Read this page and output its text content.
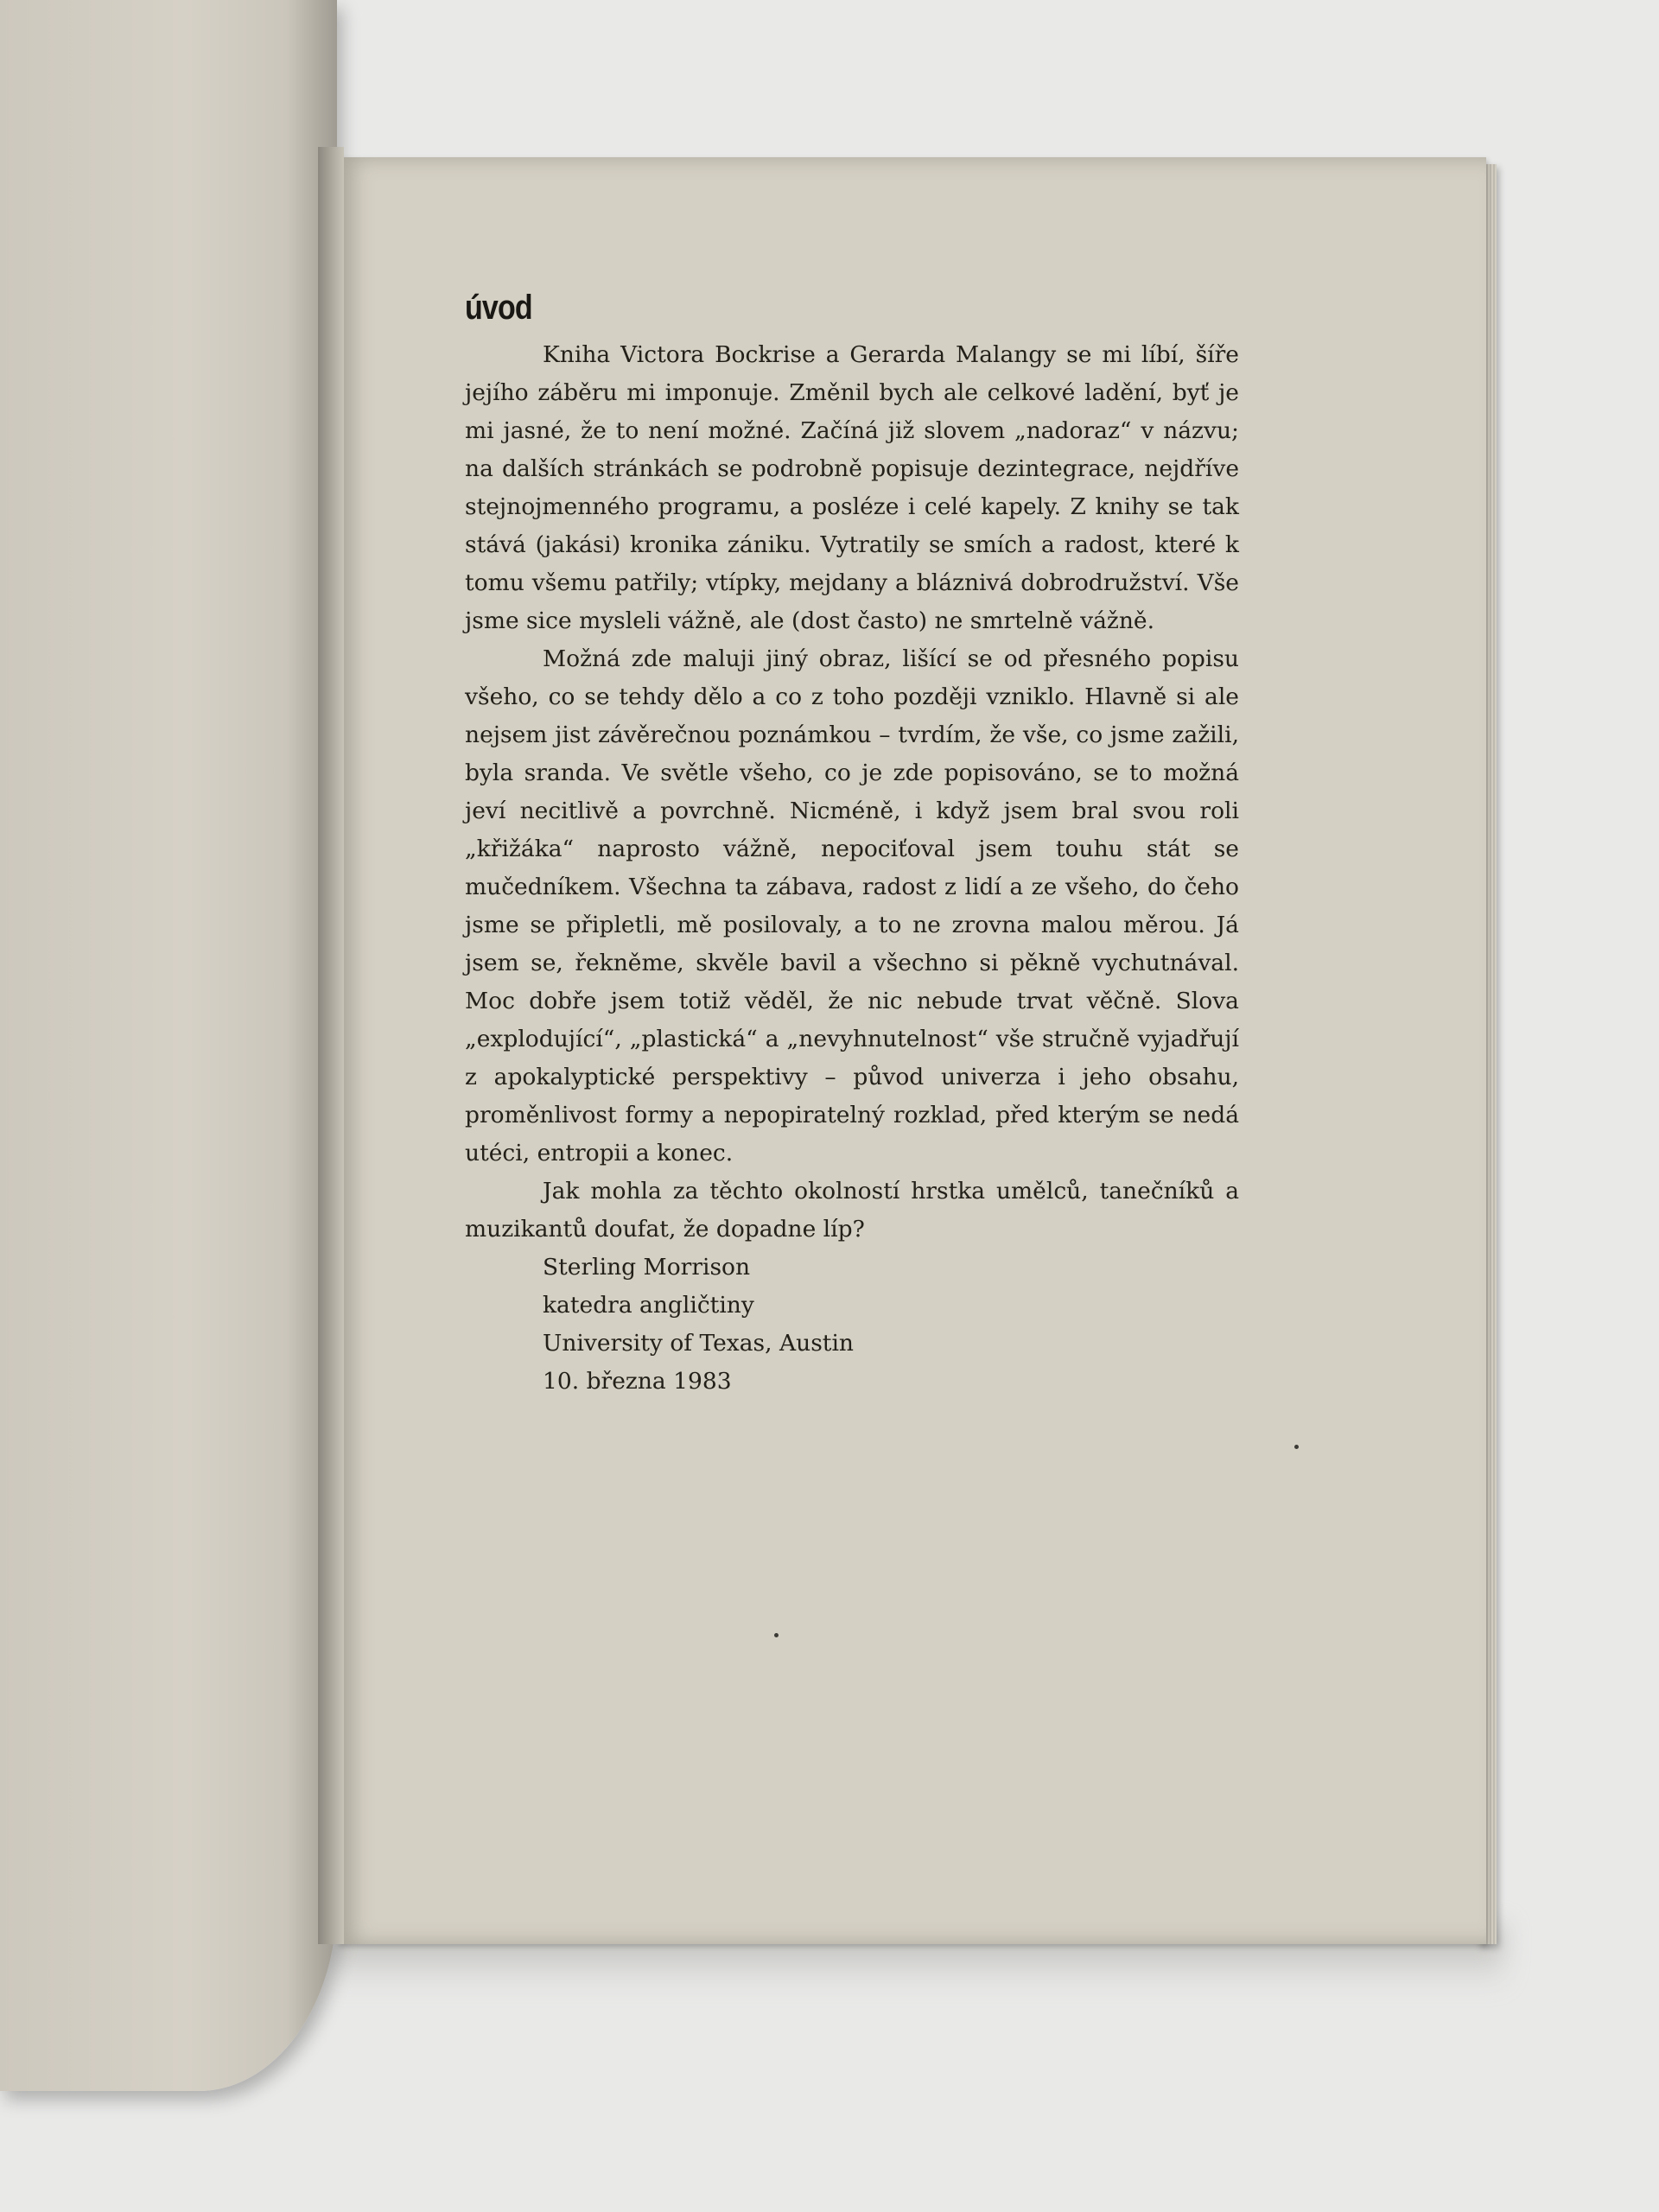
úvod

Kniha Victora Bockrise a Gerarda Malangy se mi líbí, šíře jejího záběru mi imponuje. Změnil bych ale celkové ladění, byť je mi jasné, že to není možné. Začíná již slovem „nadoraz“ v názvu; na dalších stránkách se podrobně popisuje dezintegrace, nejdříve stejnojmenného programu, a posléze i celé kapely. Z knihy se tak stává (jakási) kronika zániku. Vytratily se smích a radost, které k tomu všemu patřily; vtípky, mejdany a bláznivá dobrodružství. Vše jsme sice mysleli vážně, ale (dost často) ne smrtelně vážně.

Možná zde maluji jiný obraz, lišící se od přesného popisu všeho, co se tehdy dělo a co z toho později vzniklo. Hlavně si ale nejsem jist závěrečnou poznámkou – tvrdím, že vše, co jsme zažili, byla sranda. Ve světle všeho, co je zde popisováno, se to možná jeví necitlivě a povrchně. Nicméně, i když jsem bral svou roli „křižáka“ naprosto vážně, nepociťoval jsem touhu stát se mučedníkem. Všechna ta zábava, radost z lidí a ze všeho, do čeho jsme se připletli, mě posilovaly, a to ne zrovna malou měrou. Já jsem se, řekněme, skvěle bavil a všechno si pěkně vychutnával. Moc dobře jsem totiž věděl, že nic nebude trvat věčně. Slova „explodující“, „plastická“ a „nevyhnutelnost“ vše stručně vyjadřují z apokalyptické perspektivy – původ univerza i jeho obsahu, proměnlivost formy a nepopiratelný rozklad, před kterým se nedá utéci, entropii a konec.

Jak mohla za těchto okolností hrstka umělců, tanečníků a muzikantů doufat, že dopadne líp?

Sterling Morrison
katedra angličtiny
University of Texas, Austin
10. března 1983
